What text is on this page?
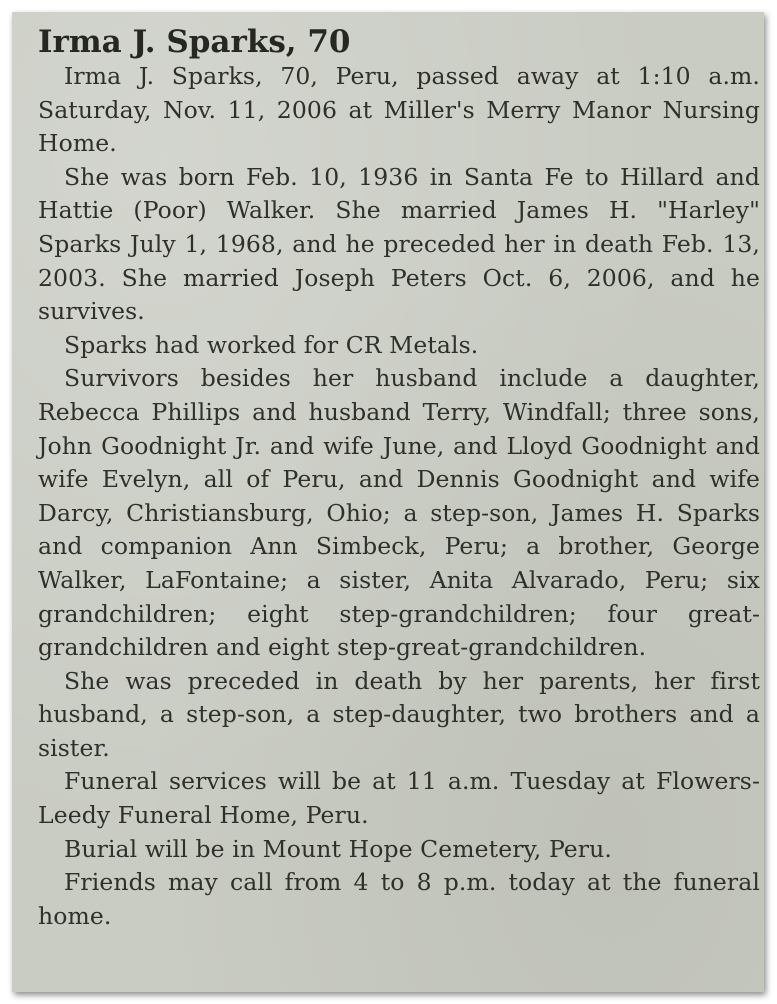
Irma J. Sparks, 70

Irma J. Sparks, 70, Peru, passed away at 1:10 a.m. Saturday, Nov. 11, 2006 at Miller's Merry Manor Nursing Home.

She was born Feb. 10, 1936 in Santa Fe to Hillard and Hattie (Poor) Walker. She married James H. "Harley" Sparks July 1, 1968, and he preceded her in death Feb. 13, 2003. She married Joseph Peters Oct. 6, 2006, and he survives.

Sparks had worked for CR Metals.

Survivors besides her husband include a daughter, Rebecca Phillips and husband Terry, Windfall; three sons, John Goodnight Jr. and wife June, and Lloyd Goodnight and wife Evelyn, all of Peru, and Dennis Goodnight and wife Darcy, Christiansburg, Ohio; a step-son, James H. Sparks and companion Ann Simbeck, Peru; a brother, George Walker, LaFontaine; a sister, Anita Alvarado, Peru; six grandchildren; eight step-grandchildren; four great-grandchildren and eight step-great-grandchildren.

She was preceded in death by her parents, her first husband, a step-son, a step-daughter, two brothers and a sister.

Funeral services will be at 11 a.m. Tuesday at Flowers-Leedy Funeral Home, Peru.

Burial will be in Mount Hope Cemetery, Peru.

Friends may call from 4 to 8 p.m. today at the funeral home.
